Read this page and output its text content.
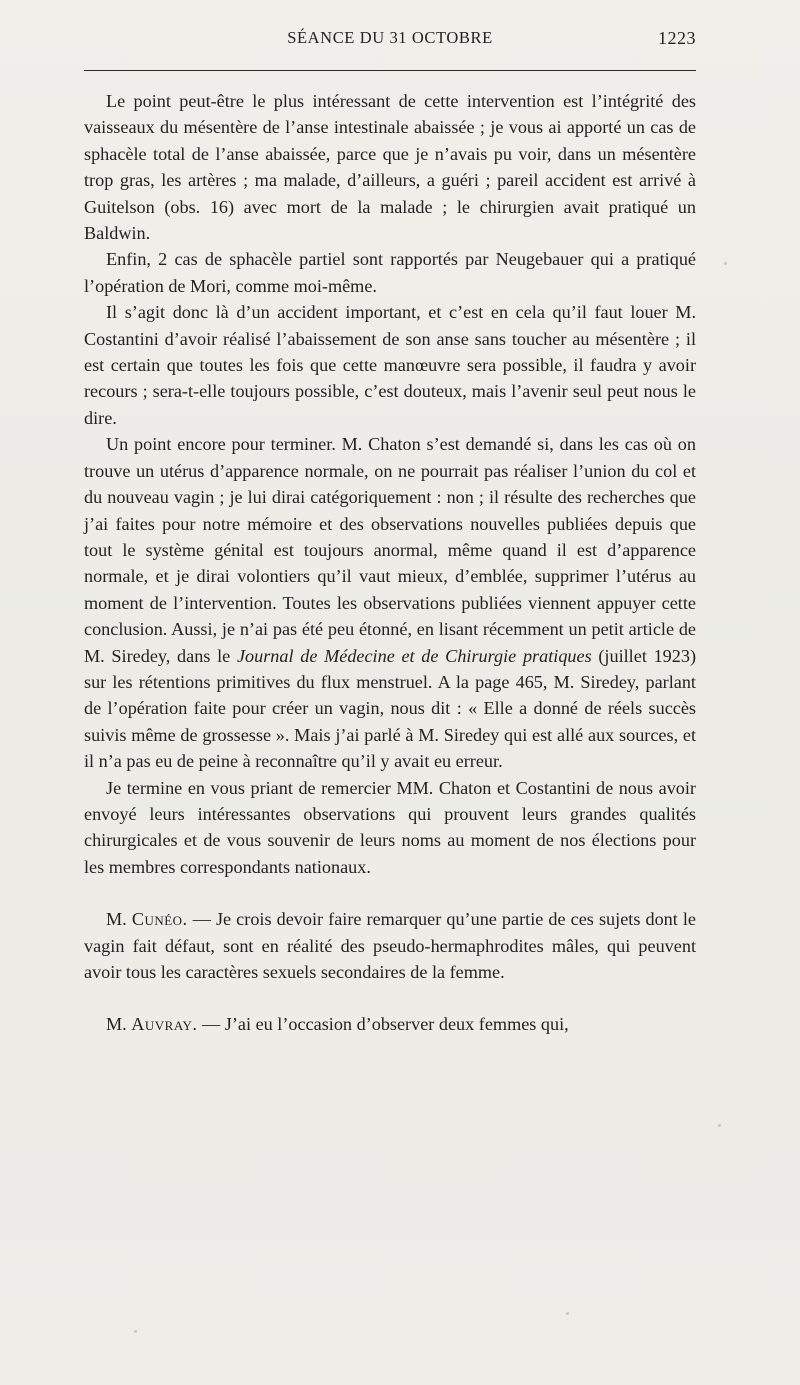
SÉANCE DU 31 OCTOBRE	1223

Le point peut-être le plus intéressant de cette intervention est l’intégrité des vaisseaux du mésentère de l’anse intestinale abaissée ; je vous ai apporté un cas de sphacèle total de l’anse abaissée, parce que je n’avais pu voir, dans un mésentère trop gras, les artères ; ma malade, d’ailleurs, a guéri ; pareil accident est arrivé à Guitelson (obs. 16) avec mort de la malade ; le chirurgien avait pratiqué un Baldwin.

Enfin, 2 cas de sphacèle partiel sont rapportés par Neugebauer qui a pratiqué l’opération de Mori, comme moi-même.

Il s’agit donc là d’un accident important, et c’est en cela qu’il faut louer M. Costantini d’avoir réalisé l’abaissement de son anse sans toucher au mésentère ; il est certain que toutes les fois que cette manœuvre sera possible, il faudra y avoir recours ; sera-t-elle toujours possible, c’est douteux, mais l’avenir seul peut nous le dire.

Un point encore pour terminer. M. Chaton s’est demandé si, dans les cas où on trouve un utérus d’apparence normale, on ne pourrait pas réaliser l’union du col et du nouveau vagin ; je lui dirai catégoriquement : non ; il résulte des recherches que j’ai faites pour notre mémoire et des observations nouvelles publiées depuis que tout le système génital est toujours anormal, même quand il est d’apparence normale, et je dirai volontiers qu’il vaut mieux, d’emblée, supprimer l’utérus au moment de l’intervention. Toutes les observations publiées viennent appuyer cette conclusion. Aussi, je n’ai pas été peu étonné, en lisant récemment un petit article de M. Siredey, dans le Journal de Médecine et de Chirurgie pratiques (juillet 1923) sur les rétentions primitives du flux menstruel. A la page 465, M. Siredey, parlant de l’opération faite pour créer un vagin, nous dit : « Elle a donné de réels succès suivis même de grossesse ». Mais j’ai parlé à M. Siredey qui est allé aux sources, et il n’a pas eu de peine à reconnaître qu’il y avait eu erreur.

Je termine en vous priant de remercier MM. Chaton et Costantini de nous avoir envoyé leurs intéressantes observations qui prouvent leurs grandes qualités chirurgicales et de vous souvenir de leurs noms au moment de nos élections pour les membres correspondants nationaux.

M. Cunéo. — Je crois devoir faire remarquer qu’une partie de ces sujets dont le vagin fait défaut, sont en réalité des pseudo-hermaphrodites mâles, qui peuvent avoir tous les caractères sexuels secondaires de la femme.

M. Auvray. — J’ai eu l’occasion d’observer deux femmes qui,
